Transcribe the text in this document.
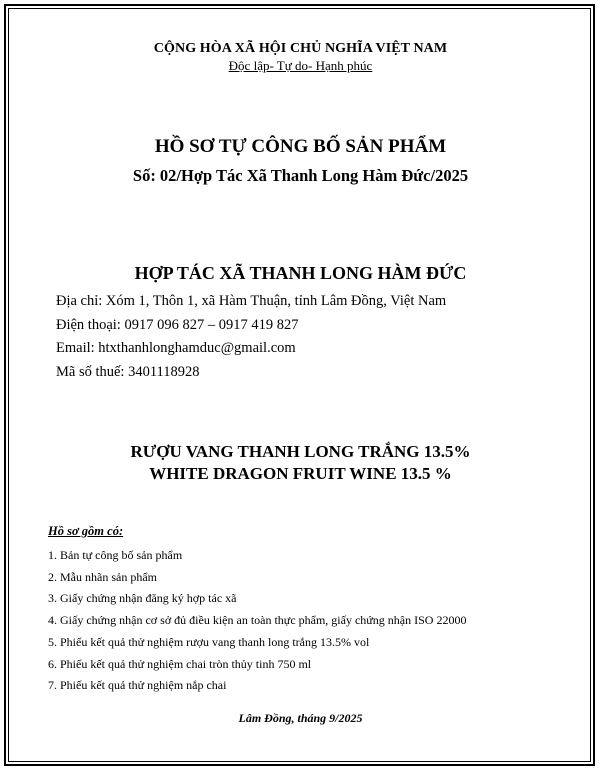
CỘNG HÒA XÃ HỘI CHỦ NGHĨA VIỆT NAM
Độc lập- Tự do- Hạnh phúc
HỒ SƠ TỰ CÔNG BỐ SẢN PHẨM
Số: 02/Hợp Tác Xã Thanh Long Hàm Đức/2025
HỢP TÁC XÃ THANH LONG HÀM ĐỨC
Địa chỉ: Xóm 1, Thôn 1, xã Hàm Thuận, tỉnh Lâm Đồng, Việt Nam
Điện thoại: 0917 096 827 – 0917 419 827
Email: htxthanhlonghamduc@gmail.com
Mã số thuế: 3401118928
RƯỢU VANG THANH LONG TRẮNG 13.5%
WHITE DRAGON FRUIT WINE 13.5 %
Hồ sơ gồm có:
1. Bản tự công bố sản phẩm
2. Mẫu nhãn sản phẩm
3. Giấy chứng nhận đăng ký hợp tác xã
4. Giấy chứng nhận cơ sở đủ điều kiện an toàn thực phẩm, giấy chứng nhận ISO 22000
5. Phiếu kết quả thử nghiệm rượu vang thanh long trắng 13.5% vol
6. Phiếu kết quả thử nghiệm chai tròn thủy tinh 750 ml
7. Phiếu kết quả thử nghiệm nắp chai
Lâm Đồng, tháng 9/2025
